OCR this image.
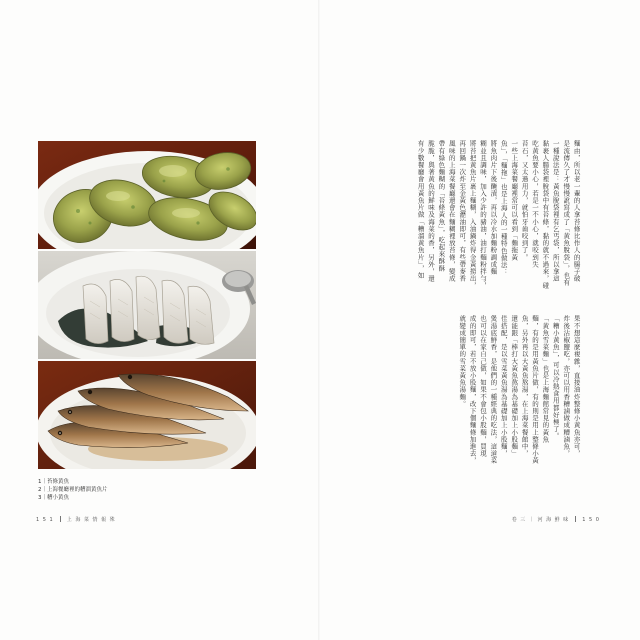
1｜苔條黃魚
2｜上海餐廳裡的糟溜黃魚片
3｜糟小黃魚
1 5 1	上 海 菜 情 報 殊
麵由，所以老一輩的人拿苔條比作人的腸子破
是流傳久了才慢慢訛寫成了「黃魚脫袋」，也有
一種說法是：黃魚脫袋裡有乞丐袋，所以拿這
黏裹人腸袋裡脫袋中有苔條，黏的就不過來，碰
吃黃魚要小心，若是一不小心，就咬到失
苔石，又太過用力，就怕牙齒咬到了。
一些上海菜餐廳裡常可以看到「麵拖黃
魚」，「麵拖」也是上海人的一種特色做法：
將魚肉片下後醃漬，再以冷水加麵粉調成麵
糊並且調味，加入少許的豬油，油打麵粉拌勻，
將苔把黃魚片裹上麵糊，入油鍋炸得金黃撈出，
再回鍋一次炸至金黃色瀝油即可，有些帶麥香
風味的上海菜餐廳還會在麵糊裡放苔條，變成
帶有綠色麵糊的「苔條黃魚」，吃起來酥酥
脆脆，與著黃魚的鮮味及海菜的香，另外，還
有少數餐廳會用黃魚片做「糟溜黃魚片」，如
果不想這麼複雜，直接油炸整條小黃魚亦可，
炸後沾椒鹽吃，亦可以用香糟滷做成糟滷魚，
「糟小黃魚」，可以冷熱食用都好極了。
「黃魚雪菜麵」也是上海麵館常見的黃魚
麵，有的是用黃魚片做，有的則是用上整條小黃
魚，另外再以大黃魚熬湯，在上海菜餐館中，
還能跟「棒打大黃魚熬湯為基礎加上小股麵」
佳搭配，是以雪菜黃魚湯為基礎加上小股麵，
煲湯底鮮香，是他們的一種經典的吃法，這道菜
也可以在家自己做，如果不會包小股麵，買現
成的即可，若不放小股麵，改下個麵條加進去，
就變成簡單的雪菜黃魚湯麵。
卷 三 ｜ 河 海 鮮 味	1 5 0
